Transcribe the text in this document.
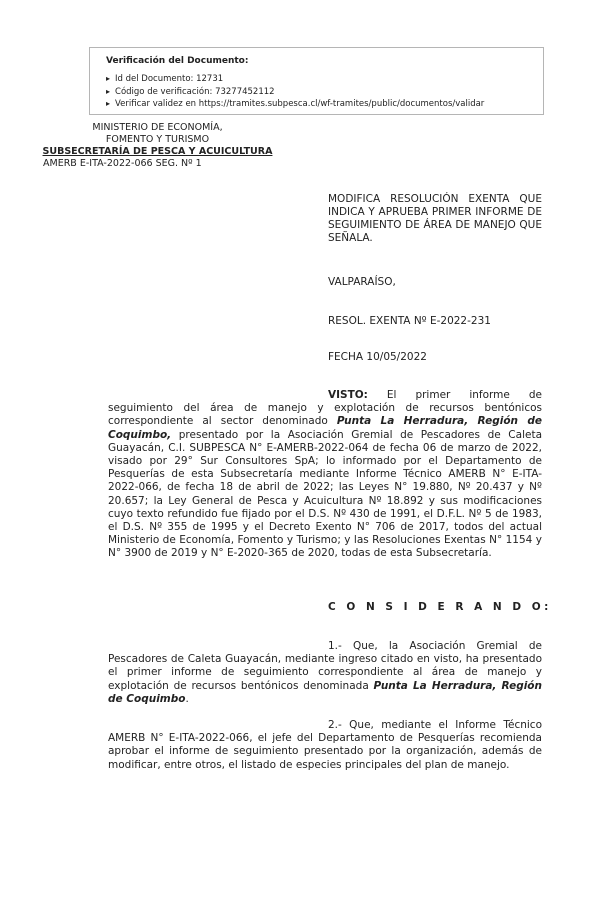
Verificación del Documento:
▸ Id del Documento: 12731
▸ Código de verificación: 73277452112
▸ Verificar validez en https://tramites.subpesca.cl/wf-tramites/public/documentos/validar
MINISTERIO DE ECONOMÍA,
FOMENTO Y TURISMO
SUBSECRETARÍA DE PESCA Y ACUICULTURA
AMERB E-ITA-2022-066 SEG. Nº 1
MODIFICA RESOLUCIÓN EXENTA QUE INDICA Y APRUEBA PRIMER INFORME DE SEGUIMIENTO DE ÁREA DE MANEJO QUE SEÑALA.
VALPARAÍSO,
RESOL. EXENTA Nº E-2022-231
FECHA 10/05/2022
VISTO: El primer informe de seguimiento del área de manejo y explotación de recursos bentónicos correspondiente al sector denominado Punta La Herradura, Región de Coquimbo, presentado por la Asociación Gremial de Pescadores de Caleta Guayacán, C.I. SUBPESCA N° E-AMERB-2022-064 de fecha 06 de marzo de 2022, visado por 29° Sur Consultores SpA; lo informado por el Departamento de Pesquerías de esta Subsecretaría mediante Informe Técnico AMERB N° E-ITA-2022-066, de fecha 18 de abril de 2022; las Leyes N° 19.880, Nº 20.437 y Nº 20.657; la Ley General de Pesca y Acuicultura Nº 18.892 y sus modificaciones cuyo texto refundido fue fijado por el D.S. Nº 430 de 1991, el D.F.L. Nº 5 de 1983, el D.S. Nº 355 de 1995 y el Decreto Exento N° 706 de 2017, todos del actual Ministerio de Economía, Fomento y Turismo; y las Resoluciones Exentas N° 1154 y N° 3900 de 2019 y N° E-2020-365 de 2020, todas de esta Subsecretaría.
C O N S I D E R A N D O:
1.- Que, la Asociación Gremial de Pescadores de Caleta Guayacán, mediante ingreso citado en visto, ha presentado el primer informe de seguimiento correspondiente al área de manejo y explotación de recursos bentónicos denominada Punta La Herradura, Región de Coquimbo.
2.- Que, mediante el Informe Técnico AMERB N° E-ITA-2022-066, el jefe del Departamento de Pesquerías recomienda aprobar el informe de seguimiento presentado por la organización, además de modificar, entre otros, el listado de especies principales del plan de manejo.
